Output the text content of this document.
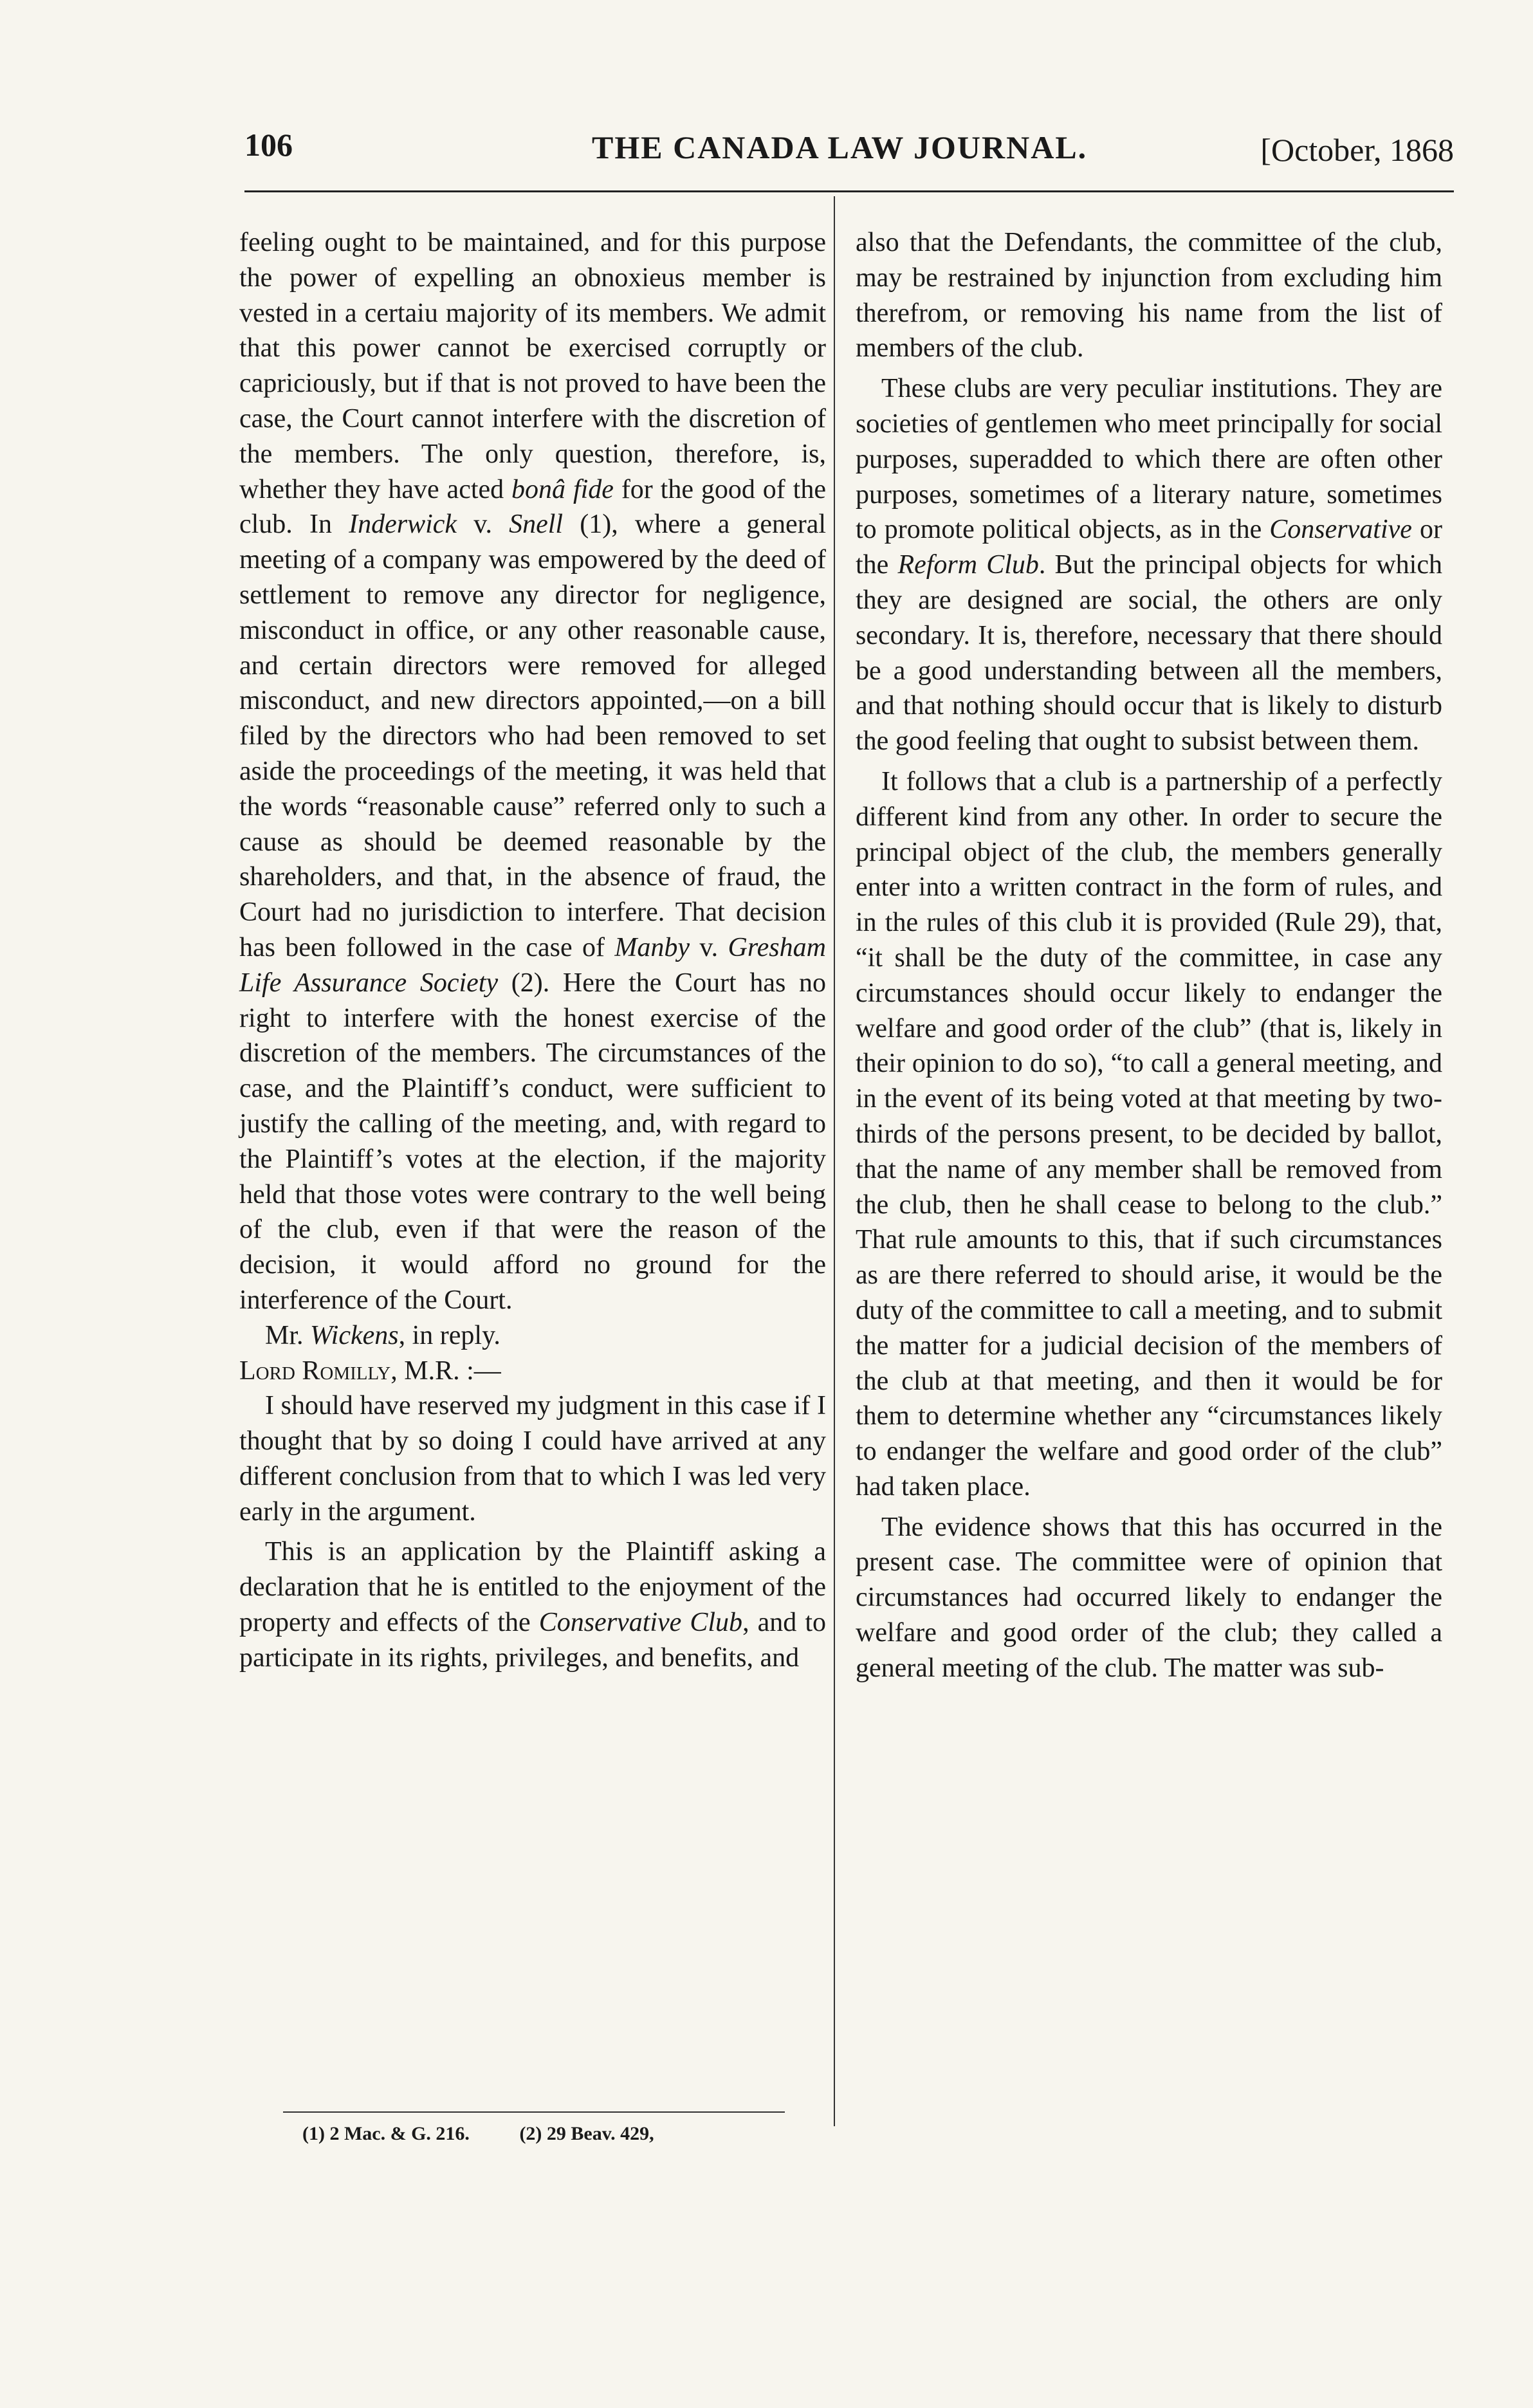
106	THE CANADA LAW JOURNAL.	[October, 1868

feeling ought to be maintained, and for this purpose the power of expelling an obnoxieus member is vested in a certaiu majority of its members. We admit that this power cannot be exercised corruptly or capriciously, but if that is not proved to have been the case, the Court cannot interfere with the discretion of the members. The only question, therefore, is, whether they have acted bonâ fide for the good of the club. In Inderwick v. Snell (1), where a general meeting of a company was empowered by the deed of settlement to remove any director for negligence, misconduct in office, or any other reasonable cause, and certain directors were removed for alleged misconduct, and new directors appointed,—on a bill filed by the directors who had been removed to set aside the proceedings of the meeting, it was held that the words “reasonable cause” referred only to such a cause as should be deemed reasonable by the shareholders, and that, in the absence of fraud, the Court had no jurisdiction to interfere. That decision has been followed in the case of Manby v. Gresham Life Assurance Society (2). Here the Court has no right to interfere with the honest exercise of the discretion of the members. The circumstances of the case, and the Plaintiff’s conduct, were sufficient to justify the calling of the meeting, and, with regard to the Plaintiff’s votes at the election, if the majority held that those votes were contrary to the well being of the club, even if that were the reason of the decision, it would afford no ground for the interference of the Court.

Mr. Wickens, in reply.

Lord Romilly, M.R. :—

I should have reserved my judgment in this case if I thought that by so doing I could have arrived at any different conclusion from that to which I was led very early in the argument.

This is an application by the Plaintiff asking a declaration that he is entitled to the enjoyment of the property and effects of the Conservative Club, and to participate in its rights, privileges, and benefits, and

also that the Defendants, the committee of the club, may be restrained by injunction from excluding him therefrom, or removing his name from the list of members of the club.

These clubs are very peculiar institutions. They are societies of gentlemen who meet principally for social purposes, superadded to which there are often other purposes, sometimes of a literary nature, sometimes to promote political objects, as in the Conservative or the Reform Club. But the principal objects for which they are designed are social, the others are only secondary. It is, therefore, necessary that there should be a good understanding between all the members, and that nothing should occur that is likely to disturb the good feeling that ought to subsist between them.

It follows that a club is a partnership of a perfectly different kind from any other. In order to secure the principal object of the club, the members generally enter into a written contract in the form of rules, and in the rules of this club it is provided (Rule 29), that, “it shall be the duty of the committee, in case any circumstances should occur likely to endanger the welfare and good order of the club” (that is, likely in their opinion to do so), “to call a general meeting, and in the event of its being voted at that meeting by two-thirds of the persons present, to be decided by ballot, that the name of any member shall be removed from the club, then he shall cease to belong to the club.” That rule amounts to this, that if such circumstances as are there referred to should arise, it would be the duty of the committee to call a meeting, and to submit the matter for a judicial decision of the members of the club at that meeting, and then it would be for them to determine whether any “circumstances likely to endanger the welfare and good order of the club” had taken place.

The evidence shows that this has occurred in the present case. The committee were of opinion that circumstances had occurred likely to endanger the welfare and good order of the club; they called a general meeting of the club. The matter was sub-

(1) 2 Mac. & G. 216.	(2) 29 Beav. 429,
